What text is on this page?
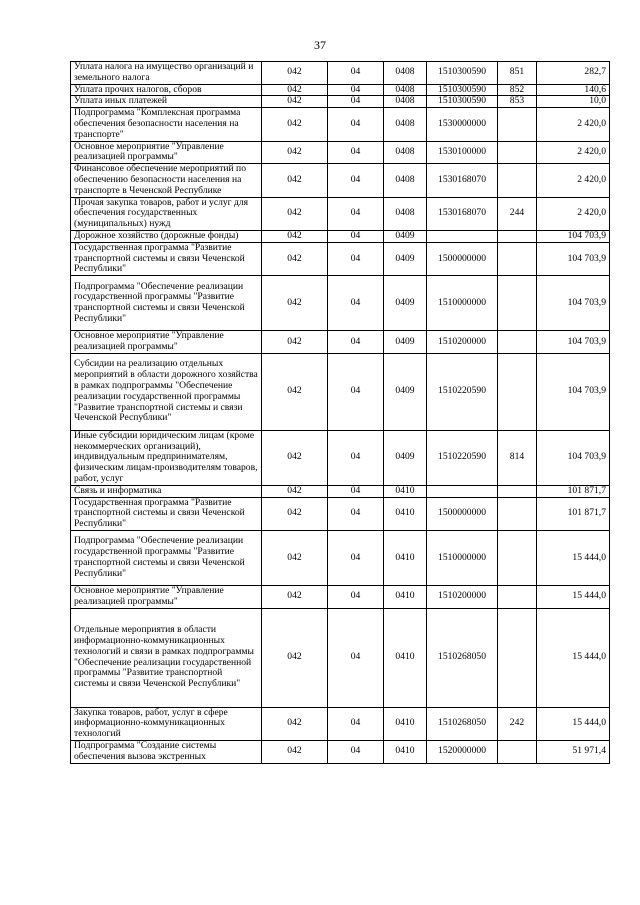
37
Уплата налога на имущество организаций и земельного налога	042	04	0408	1510300590	851	282,7
Уплата прочих налогов, сборов	042	04	0408	1510300590	852	140,6
Уплата иных платежей	042	04	0408	1510300590	853	10,0
Подпрограмма "Комплексная программа обеспечения безопасности населения на транспорте"	042	04	0408	1530000000		2 420,0
Основное мероприятие "Управление реализацией программы"	042	04	0408	1530100000		2 420,0
Финансовое обеспечение мероприятий по обеспечению безопасности населения на транспорте в Чеченской Республике	042	04	0408	1530168070		2 420,0
Прочая закупка товаров, работ и услуг для обеспечения государственных (муниципальных) нужд	042	04	0408	1530168070	244	2 420,0
Дорожное хозяйство (дорожные фонды)	042	04	0409			104 703,9
Государственная программа "Развитие транспортной системы и связи Чеченской Республики"	042	04	0409	1500000000		104 703,9
Подпрограмма "Обеспечение реализации государственной программы "Развитие транспортной системы и связи Чеченской Республики"	042	04	0409	1510000000		104 703,9
Основное мероприятие "Управление реализацией программы"	042	04	0409	1510200000		104 703,9
Субсидии на реализацию отдельных мероприятий в области дорожного хозяйства в рамках подпрограммы "Обеспечение реализации государственной программы "Развитие транспортной системы и связи Чеченской Республики"	042	04	0409	1510220590		104 703,9
Иные субсидии юридическим лицам (кроме некоммерческих организаций), индивидуальным предпринимателям, физическим лицам-производителям товаров, работ, услуг	042	04	0409	1510220590	814	104 703,9
Связь и информатика	042	04	0410			101 871,7
Государственная программа "Развитие транспортной системы и связи Чеченской Республики"	042	04	0410	1500000000		101 871,7
Подпрограмма "Обеспечение реализации государственной программы "Развитие транспортной системы и связи Чеченской Республики"	042	04	0410	1510000000		15 444,0
Основное мероприятие "Управление реализацией программы"	042	04	0410	1510200000		15 444,0
Отдельные мероприятия в области информационно-коммуникационных технологий и связи в рамках подпрограммы "Обеспечение реализации государственной программы "Развитие транспортной системы и связи Чеченской Республики"	042	04	0410	1510268050		15 444,0
Закупка товаров, работ, услуг в сфере информационно-коммуникационных технологий	042	04	0410	1510268050	242	15 444,0
Подпрограмма "Создание системы обеспечения вызова экстренных	042	04	0410	1520000000		51 971,4
